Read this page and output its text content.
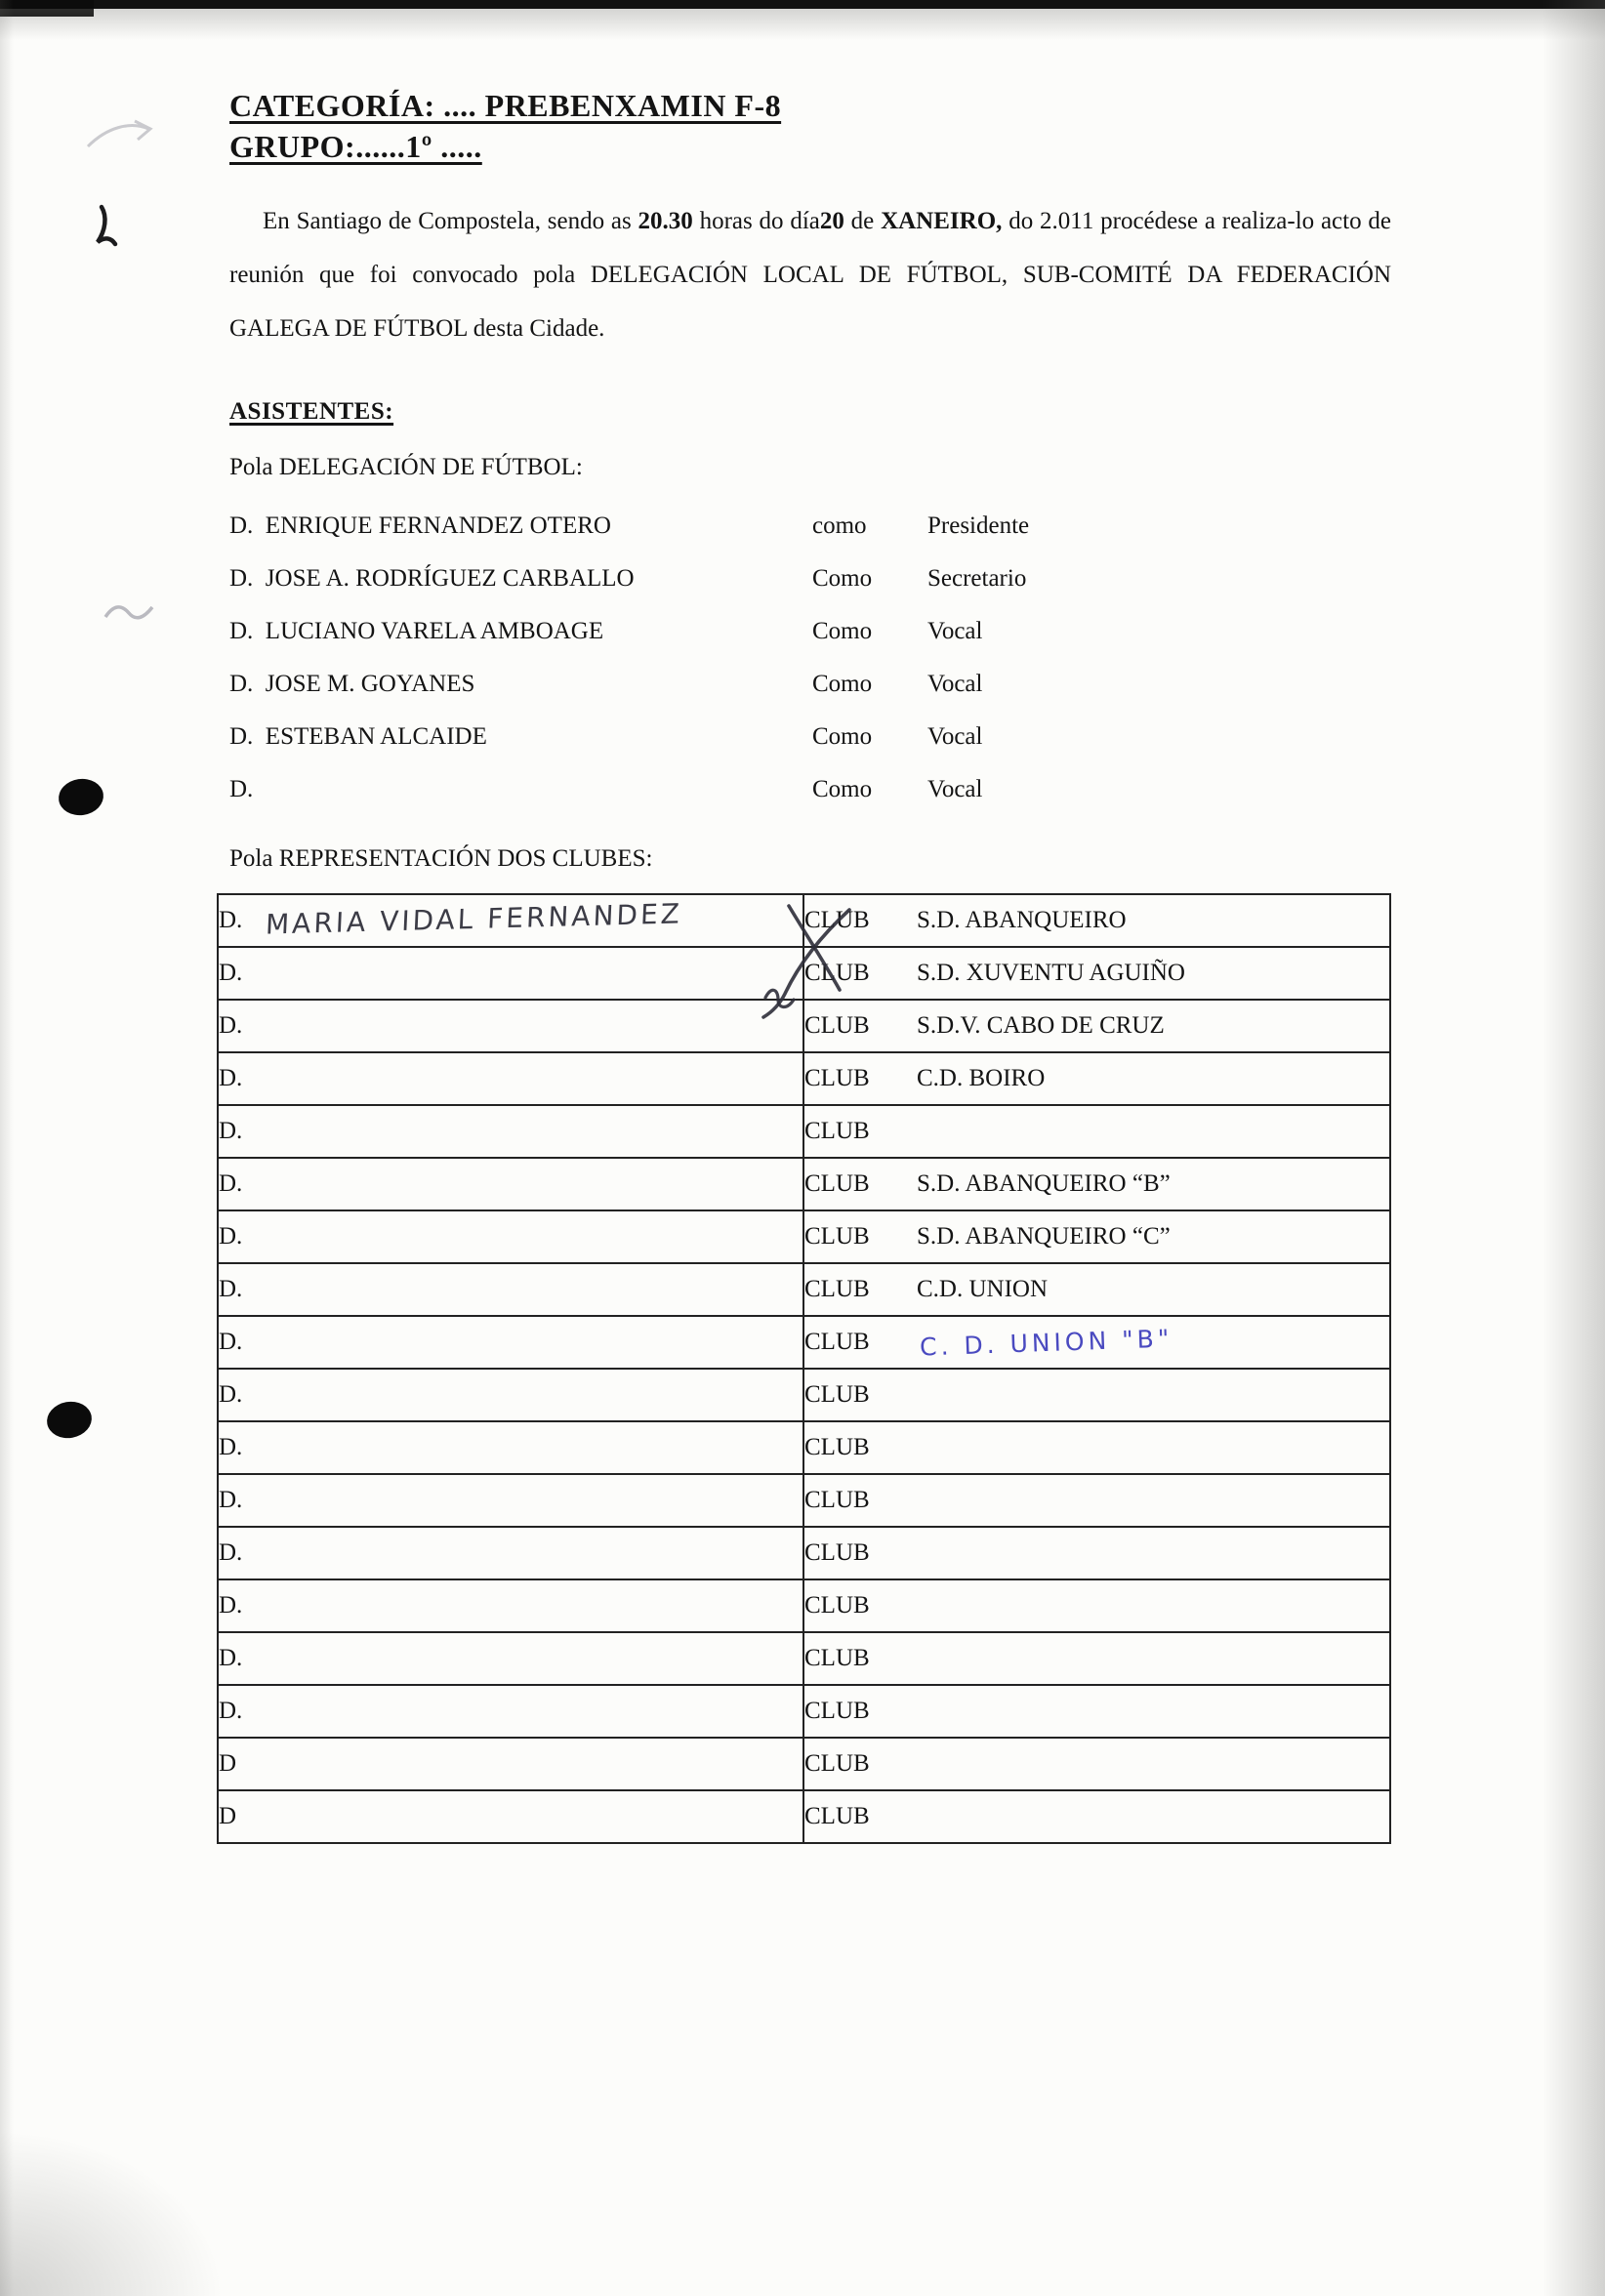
CATEGORÍA: .... PREBENXAMIN F-8
GRUPO:......1º .....

En Santiago de Compostela, sendo as 20.30 horas do día20 de XANEIRO, do 2.011 procédese a realiza-lo acto de reunión que foi convocado pola DELEGACIÓN LOCAL DE FÚTBOL, SUB-COMITÉ DA FEDERACIÓN GALEGA DE FÚTBOL desta Cidade.

ASISTENTES:

Pola DELEGACIÓN DE FÚTBOL:

D.  ENRIQUE FERNANDEZ OTERO	como	Presidente
D.  JOSE A. RODRÍGUEZ CARBALLO	Como	Secretario
D.  LUCIANO VARELA AMBOAGE	Como	Vocal
D.  JOSE M. GOYANES	Como	Vocal
D.  ESTEBAN ALCAIDE	Como	Vocal
D.	Como	Vocal

Pola REPRESENTACIÓN DOS CLUBES:

D. MARIA VIDAL FERNANDEZ	CLUB S.D. ABANQUEIRO
D.	CLUB S.D. XUVENTU AGUIÑO
D.	CLUB S.D.V. CABO DE CRUZ
D.	CLUB C.D. BOIRO
D.	CLUB
D.	CLUB S.D. ABANQUEIRO “B”
D.	CLUB S.D. ABANQUEIRO “C”
D.	CLUB C.D. UNION
D.	CLUB C. D. UNION "B"

D.	CLUB
D.	CLUB
D.	CLUB
D.	CLUB
D.	CLUB
D.	CLUB
D.	CLUB
D	CLUB
D	CLUB
